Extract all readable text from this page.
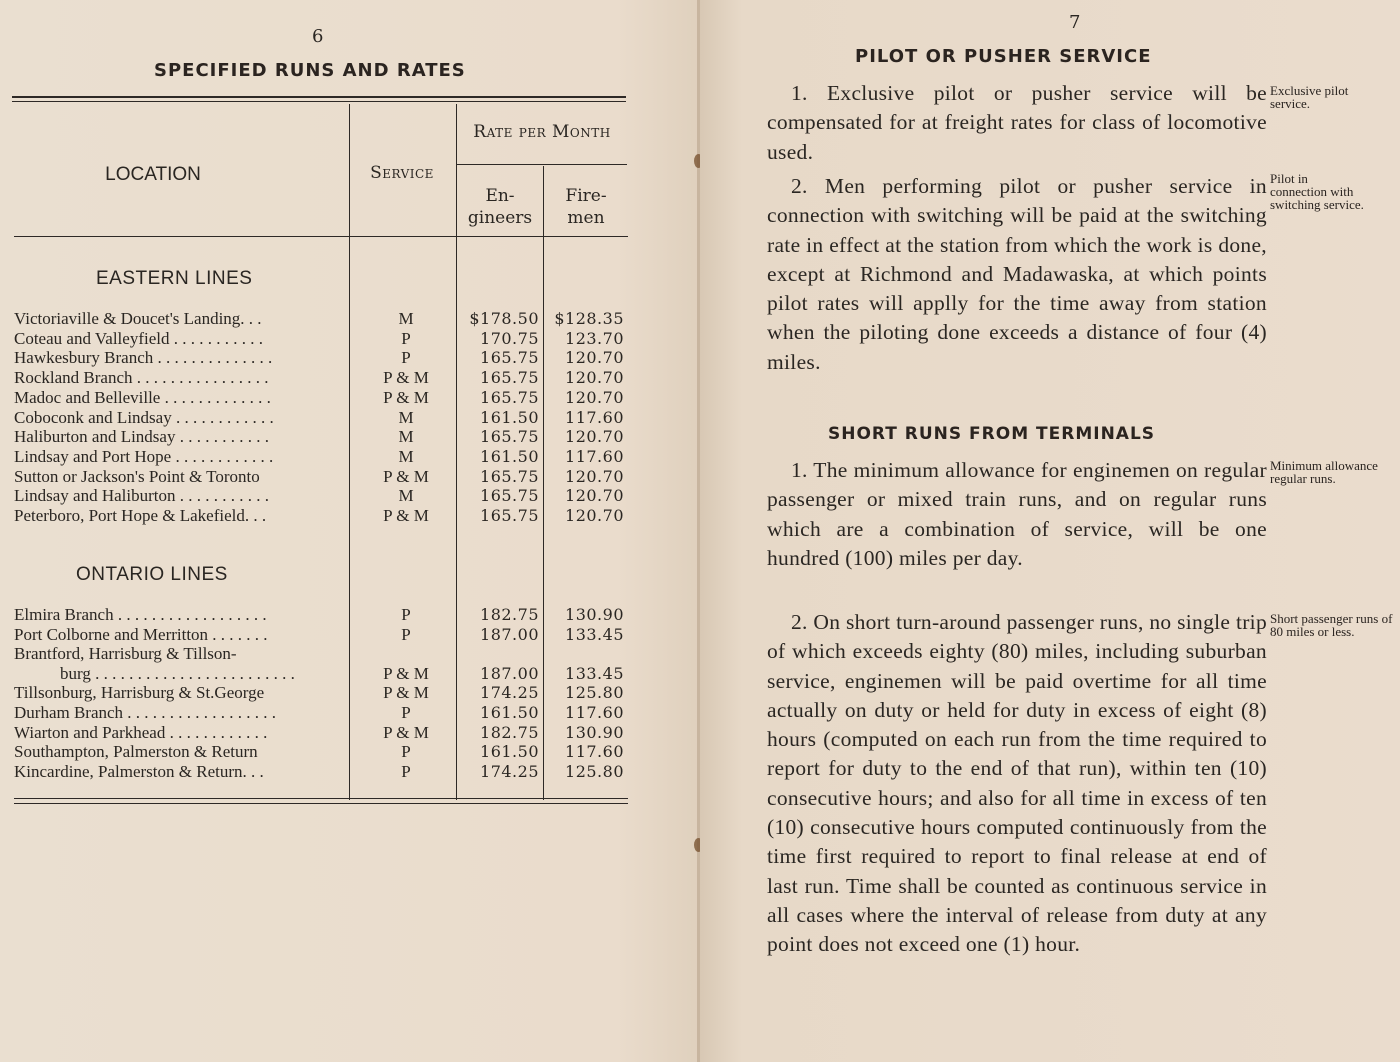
6
SPECIFIED RUNS AND RATES
LOCATION	Service
Rate per Month
En-
gineers
Fire-
men
EASTERN LINES
Victoriaville & Doucet's Landing. . .	M	$178.50 $128.35
Coteau and Valleyfield . . . . . . . . . . .	P	170.75	123.70
Hawkesbury Branch . . . . . . . . . . . . . .	P	165.75	120.70
Rockland Branch . . . . . . . . . . . . . . . .	P & M	165.75	120.70
Madoc and Belleville . . . . . . . . . . . . .	P & M	165.75	120.70
Coboconk and Lindsay . . . . . . . . . . . .	M	161.50	117.60
Haliburton and Lindsay . . . . . . . . . . .	M	165.75	120.70
Lindsay and Port Hope . . . . . . . . . . . .	M	161.50	117.60
Sutton or Jackson's Point & Toronto	P & M	165.75	120.70
Lindsay and Haliburton . . . . . . . . . . .	M	165.75	120.70
Peterboro, Port Hope & Lakefield. . .	P & M	165.75	120.70
ONTARIO LINES
Elmira Branch . . . . . . . . . . . . . . . . . .	P	182.75	130.90
Port Colborne and Merritton . . . . . . .	P	187.00	133.45
Brantford, Harrisburg & Tillson-
burg . . . . . . . . . . . . . . . . . . . . . . . .	P & M	187.00	133.45
Tillsonburg, Harrisburg & St.George	P & M	174.25	125.80
Durham Branch . . . . . . . . . . . . . . . . . .	P	161.50	117.60
Wiarton and Parkhead . . . . . . . . . . . .	P & M	182.75	130.90
Southampton, Palmerston & Return	P	161.50	117.60
Kincardine, Palmerston & Return. . .	P	174.25	125.80
7
PILOT OR PUSHER SERVICE
1. Exclusive pilot or pusher service will be compensated for at freight rates for class of locomotive used.
2. Men performing pilot or pusher service in connection with switching will be paid at the switching rate in effect at the station from which the work is done, except at Richmond and Madawaska, at which points pilot rates will applly for the time away from station when the piloting done exceeds a distance of four (4) miles.
SHORT RUNS FROM TERMINALS
1. The minimum allowance for enginemen on regular passenger or mixed train runs, and on regular runs which are a combination of service, will be one hundred (100) miles per day.
2. On short turn-around passenger runs, no single trip of which exceeds eighty (80) miles, including suburban service, enginemen will be paid overtime for all time actually on duty or held for duty in excess of eight (8) hours (computed on each run from the time required to report for duty to the end of that run), within ten (10) consecutive hours; and also for all time in excess of ten (10) consecutive hours computed continuously from the time first required to report to final release at end of last run. Time shall be counted as continuous service in all cases where the interval of release from duty at any point does not exceed one (1) hour.
Exclusive pilot service.
Pilot in connection with switching service.
Minimum allowance regular runs.
Short passenger runs of 80 miles or less.
